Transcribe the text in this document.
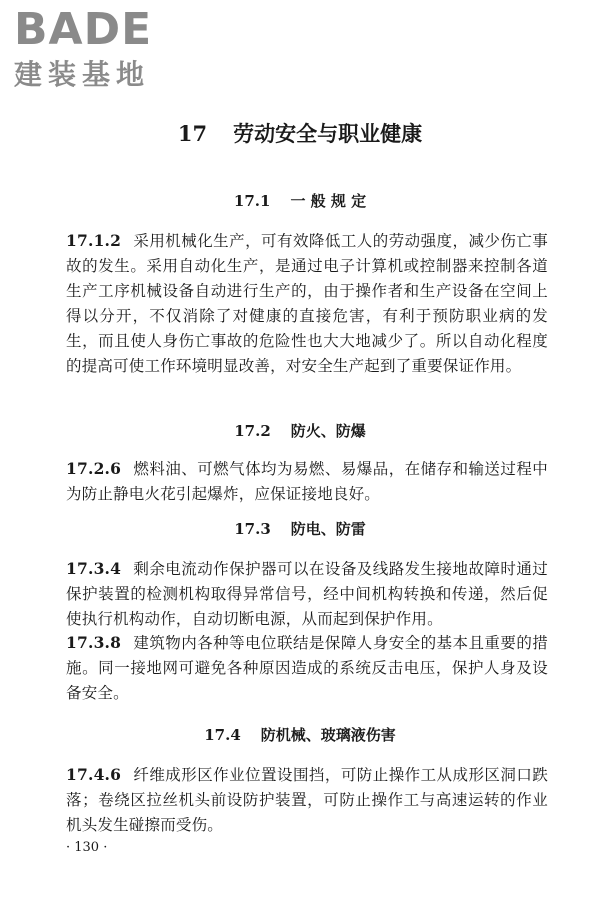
BADE
建装基地
17 劳动安全与职业健康
17.1 一 般 规 定
17.1.2 采用机械化生产，可有效降低工人的劳动强度，减少伤亡事故的发生。采用自动化生产，是通过电子计算机或控制器来控制各道生产工序机械设备自动进行生产的，由于操作者和生产设备在空间上得以分开，不仅消除了对健康的直接危害，有利于预防职业病的发生，而且使人身伤亡事故的危险性也大大地减少了。所以自动化程度的提高可使工作环境明显改善，对安全生产起到了重要保证作用。
17.2 防火、防爆
17.2.6 燃料油、可燃气体均为易燃、易爆品，在储存和输送过程中为防止静电火花引起爆炸，应保证接地良好。
17.3 防电、防雷
17.3.4 剩余电流动作保护器可以在设备及线路发生接地故障时通过保护装置的检测机构取得异常信号，经中间机构转换和传递，然后促使执行机构动作，自动切断电源，从而起到保护作用。
17.3.8 建筑物内各种等电位联结是保障人身安全的基本且重要的措施。同一接地网可避免各种原因造成的系统反击电压，保护人身及设备安全。
17.4 防机械、玻璃液伤害
17.4.6 纤维成形区作业位置设围挡，可防止操作工从成形区洞口跌落；卷绕区拉丝机头前设防护装置，可防止操作工与高速运转的作业机头发生碰擦而受伤。
· 130 ·
